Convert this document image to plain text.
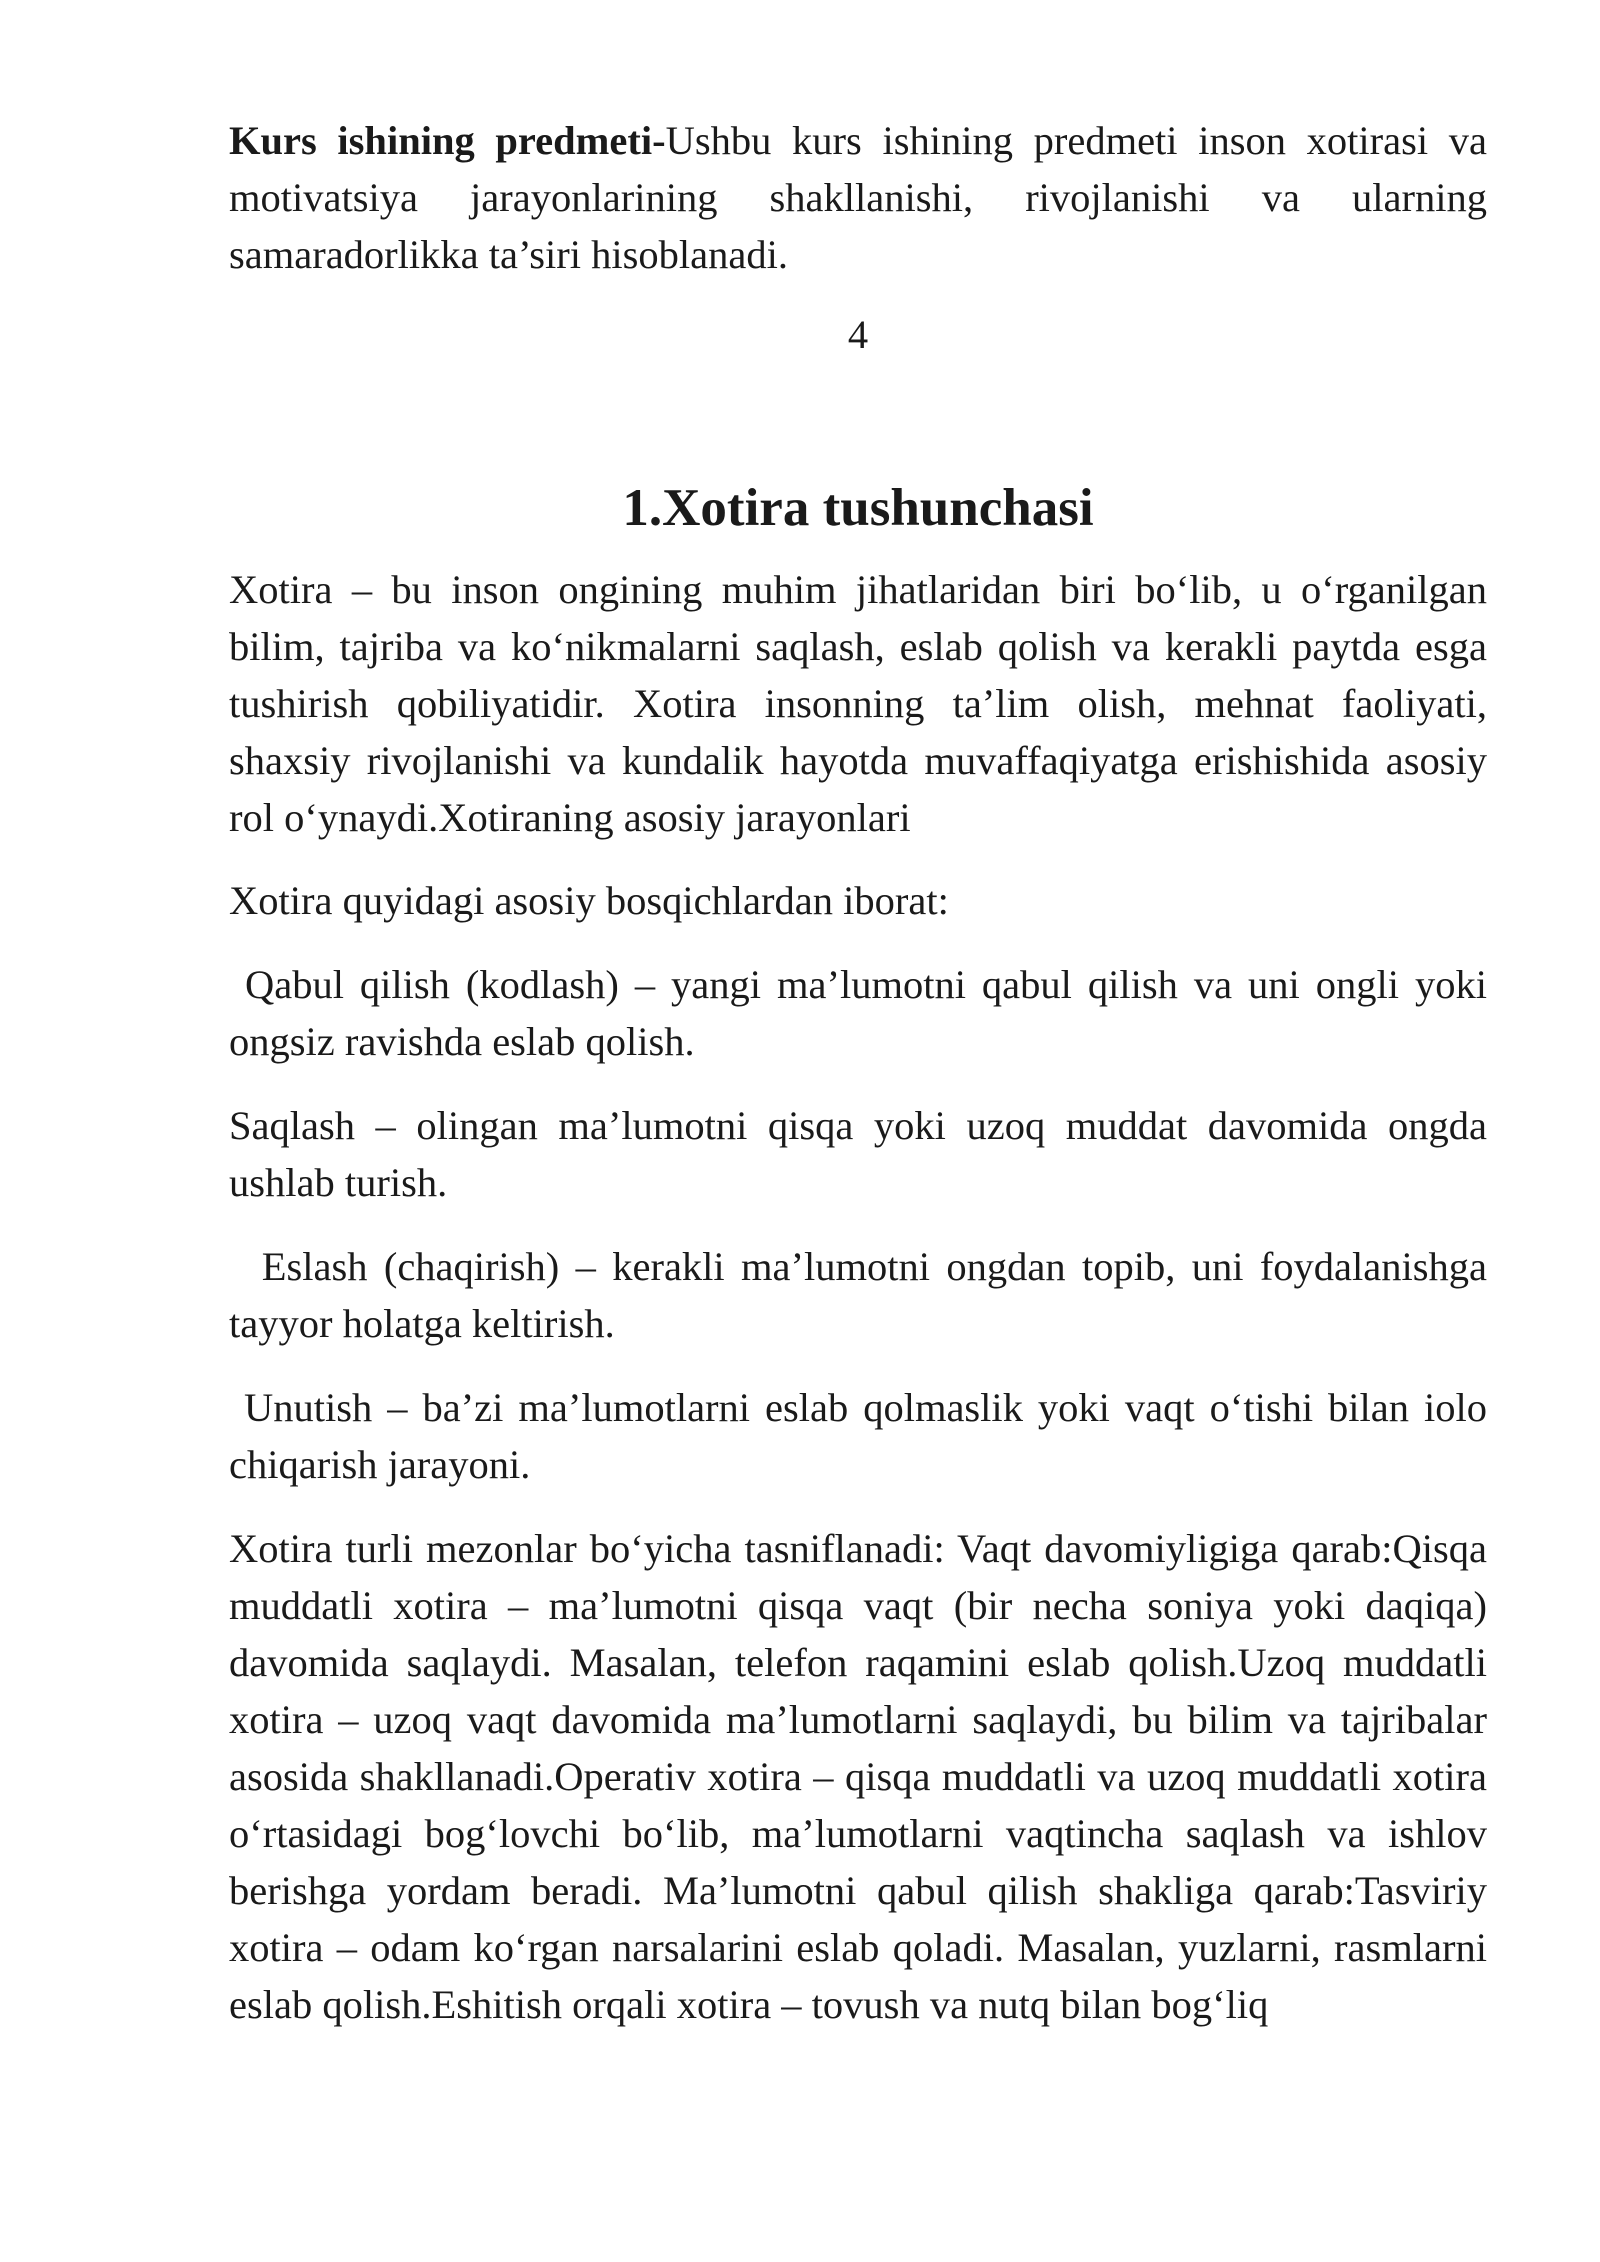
Kurs ishining predmeti-Ushbu kurs ishining predmeti inson xotirasi va motivatsiya jarayonlarining shakllanishi, rivojlanishi va ularning samaradorlikka ta’siri hisoblanadi.

4
1.Xotira tushunchasi

Xotira – bu inson ongining muhim jihatlaridan biri bo‘lib, u o‘rganilgan bilim, tajriba va ko‘nikmalarni saqlash, eslab qolish va kerakli paytda esga tushirish qobiliyatidir. Xotira insonning ta’lim olish, mehnat faoliyati, shaxsiy rivojlanishi va kundalik hayotda muvaffaqiyatga erishishida asosiy rol o‘ynaydi.Xotiraning asosiy jarayonlari

Xotira quyidagi asosiy bosqichlardan iborat:

Qabul qilish (kodlash) – yangi ma’lumotni qabul qilish va uni ongli yoki ongsiz ravishda eslab qolish.

Saqlash – olingan ma’lumotni qisqa yoki uzoq muddat davomida ongda ushlab turish.

Eslash (chaqirish) – kerakli ma’lumotni ongdan topib, uni foydalanishga tayyor holatga keltirish.

Unutish – ba’zi ma’lumotlarni eslab qolmaslik yoki vaqt o‘tishi bilan iolo chiqarish jarayoni.

Xotira turli mezonlar bo‘yicha tasniflanadi: Vaqt davomiyligiga qarab:Qisqa muddatli xotira – ma’lumotni qisqa vaqt (bir necha soniya yoki daqiqa) davomida saqlaydi. Masalan, telefon raqamini eslab qolish.Uzoq muddatli xotira – uzoq vaqt davomida ma’lumotlarni saqlaydi, bu bilim va tajribalar asosida shakllanadi.Operativ xotira – qisqa muddatli va uzoq muddatli xotira o‘rtasidagi bog‘lovchi bo‘lib, ma’lumotlarni vaqtincha saqlash va ishlov berishga yordam beradi. Ma’lumotni qabul qilish shakliga qarab:Tasviriy xotira – odam ko‘rgan narsalarini eslab qoladi. Masalan, yuzlarni, rasmlarni eslab qolish.Eshitish orqali xotira – tovush va nutq bilan bog‘liq
